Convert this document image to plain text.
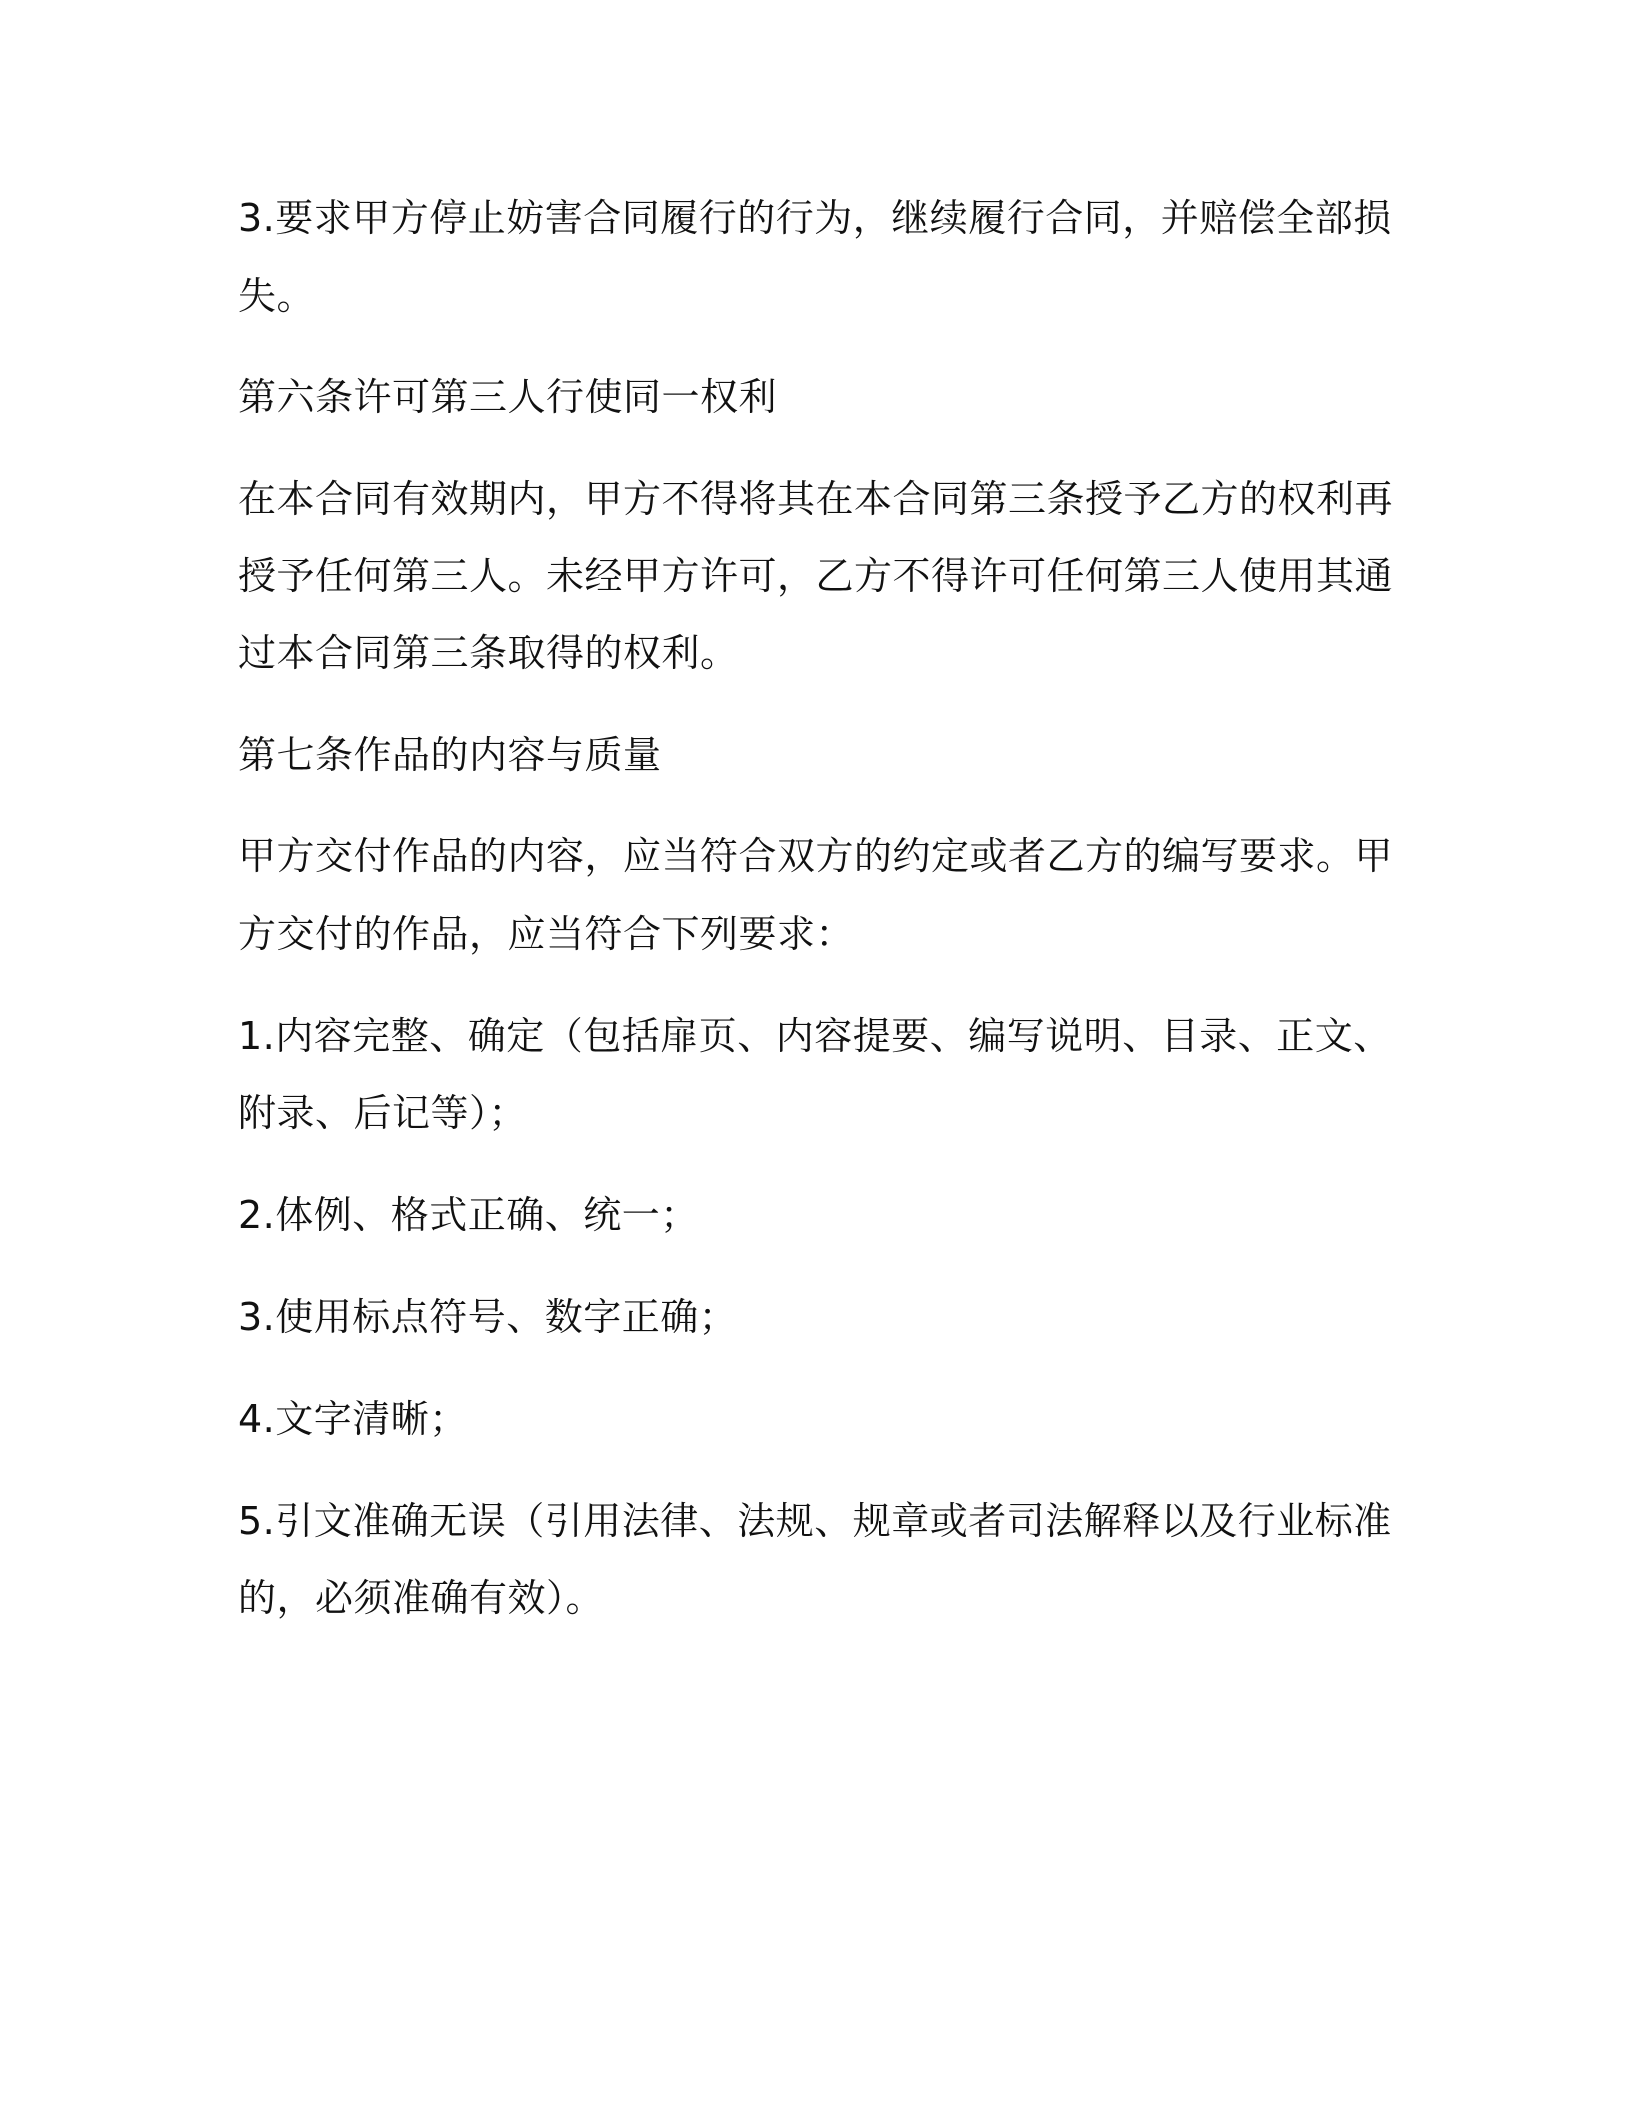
3.要求甲方停止妨害合同履行的行为，继续履行合同，并赔偿全部损
失。
第六条许可第三人行使同一权利
在本合同有效期内，甲方不得将其在本合同第三条授予乙方的权利再
授予任何第三人。未经甲方许可，乙方不得许可任何第三人使用其通
过本合同第三条取得的权利。
第七条作品的内容与质量
甲方交付作品的内容，应当符合双方的约定或者乙方的编写要求。甲
方交付的作品，应当符合下列要求：
1.内容完整、确定（包括扉页、内容提要、编写说明、目录、正文、
附录、后记等）；
2.体例、格式正确、统一；
3.使用标点符号、数字正确；
4.文字清晰；
5.引文准确无误（引用法律、法规、规章或者司法解释以及行业标准
的，必须准确有效）。
